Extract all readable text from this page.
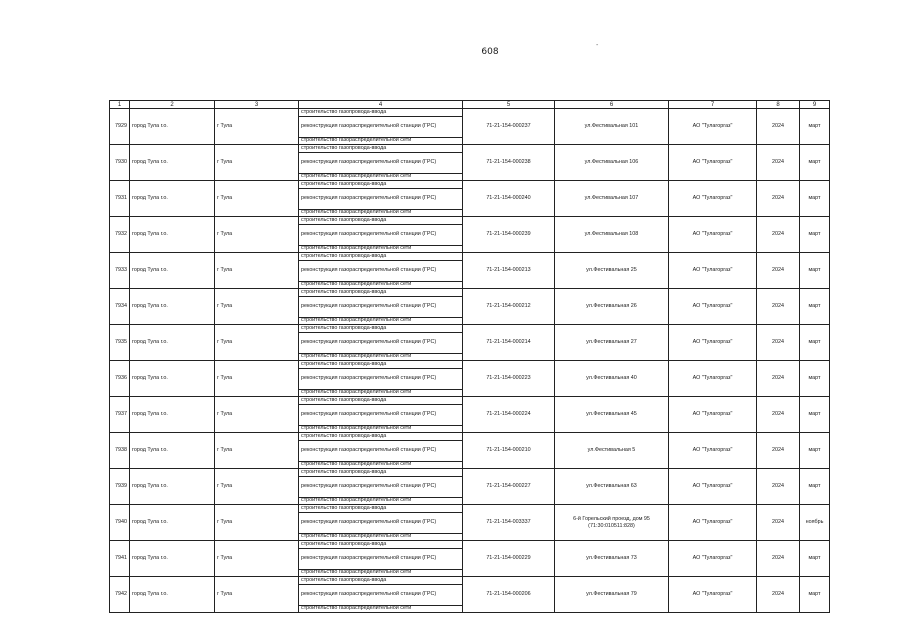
608
-
1	2	3	4	5	6	7	8	9
7929	город Тула г.о.	г Тула	строительство газопровода-ввода	71-21-154-000237	ул.Фестивальная 101	АО "Тулагоргаз"	2024	март
			реконструкция газораспределительной станции (ГРС)					
			строительство газораспределительной сети					
7930	город Тула г.о.	г Тула	строительство газопровода-ввода	71-21-154-000238	ул.Фестивальная 106	АО "Тулагоргаз"	2024	март
			реконструкция газораспределительной станции (ГРС)					
			строительство газораспределительной сети					
7931	город Тула г.о.	г Тула	строительство газопровода-ввода	71-21-154-000240	ул.Фестивальная 107	АО "Тулагоргаз"	2024	март
			реконструкция газораспределительной станции (ГРС)					
			строительство газораспределительной сети					
7932	город Тула г.о.	г Тула	строительство газопровода-ввода	71-21-154-000239	ул.Фестивальная 108	АО "Тулагоргаз"	2024	март
			реконструкция газораспределительной станции (ГРС)					
			строительство газораспределительной сети					
7933	город Тула г.о.	г Тула	строительство газопровода-ввода	71-21-154-000213	ул.Фестивальная 25	АО "Тулагоргаз"	2024	март
			реконструкция газораспределительной станции (ГРС)					
			строительство газораспределительной сети					
7934	город Тула г.о.	г Тула	строительство газопровода-ввода	71-21-154-000212	ул.Фестивальная 26	АО "Тулагоргаз"	2024	март
			реконструкция газораспределительной станции (ГРС)					
			строительство газораспределительной сети					
7935	город Тула г.о.	г Тула	строительство газопровода-ввода	71-21-154-000214	ул.Фестивальная 27	АО "Тулагоргаз"	2024	март
			реконструкция газораспределительной станции (ГРС)					
			строительство газораспределительной сети					
7936	город Тула г.о.	г Тула	строительство газопровода-ввода	71-21-154-000223	ул.Фестивальная 40	АО "Тулагоргаз"	2024	март
			реконструкция газораспределительной станции (ГРС)					
			строительство газораспределительной сети					
7937	город Тула г.о.	г Тула	строительство газопровода-ввода	71-21-154-000224	ул.Фестивальная 45	АО "Тулагоргаз"	2024	март
			реконструкция газораспределительной станции (ГРС)					
			строительство газораспределительной сети					
7938	город Тула г.о.	г Тула	строительство газопровода-ввода	71-21-154-000210	ул.Фестивальная 5	АО "Тулагоргаз"	2024	март
			реконструкция газораспределительной станции (ГРС)					
			строительство газораспределительной сети					
7939	город Тула г.о.	г Тула	строительство газопровода-ввода	71-21-154-000227	ул.Фестивальная 63	АО "Тулагоргаз"	2024	март
			реконструкция газораспределительной станции (ГРС)					
			строительство газораспределительной сети					
7940	город Тула г.о.	г Тула	строительство газопровода-ввода	71-21-154-003337	6-й Горельский проезд, дом 95
(71:30:010511:828)	АО "Тулагоргаз"	2024	ноябрь
			реконструкция газораспределительной станции (ГРС)					
			строительство газораспределительной сети					
7941	город Тула г.о.	г Тула	строительство газопровода-ввода	71-21-154-000229	ул.Фестивальная 73	АО "Тулагоргаз"	2024	март
			реконструкция газораспределительной станции (ГРС)					
			строительство газораспределительной сети					
7942	город Тула г.о.	г Тула	строительство газопровода-ввода	71-21-154-000206	ул.Фестивальная 79	АО "Тулагоргаз"	2024	март
			реконструкция газораспределительной станции (ГРС)					
			строительство газораспределительной сети					
